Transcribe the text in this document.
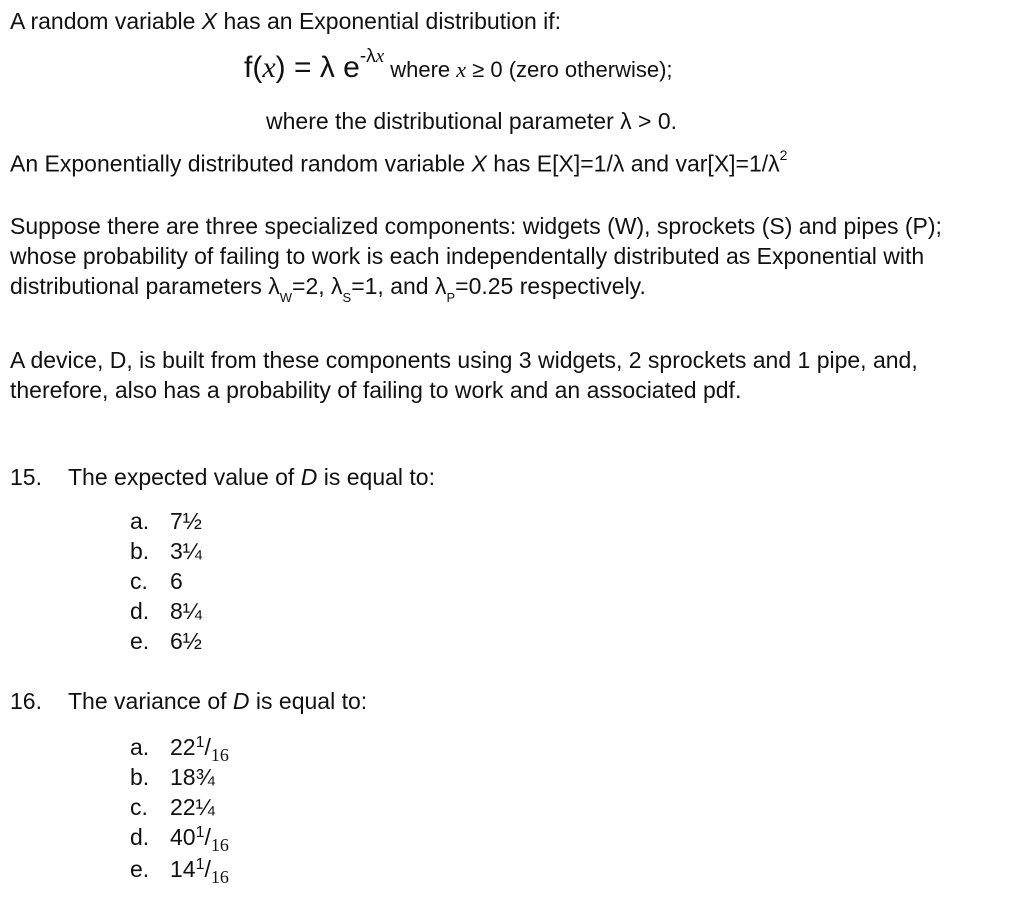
A random variable X has an Exponential distribution if:
f(x) = λ $e^{-\lambda x}$ where x ≥ 0 (zero otherwise);
where the distributional parameter λ > 0.
An Exponentially distributed random variable X has E[X]=1/λ and $var[X]=1/\lambda^2$
Suppose there are three specialized components: widgets (W), sprockets (S) and pipes (P); whose probability of failing to work is each independentally distributed as Exponential with distributional parameters $\lambda_W=2$, $\lambda_S=1$, and $\lambda_P=0.25$ respectively.
A device, D, is built from these components using 3 widgets, 2 sprockets and 1 pipe, and, therefore, also has a probability of failing to work and an associated pdf.
15. The expected value of D is equal to:
a. 7½
b. 3¼
c. 6
d. 8¼
e. 6½
16. The variance of D is equal to:
a. $22^1/_{16}$
b. 18¾
c. 22¼
d. $40^1/_{16}$
e. $14^1/_{16}$
